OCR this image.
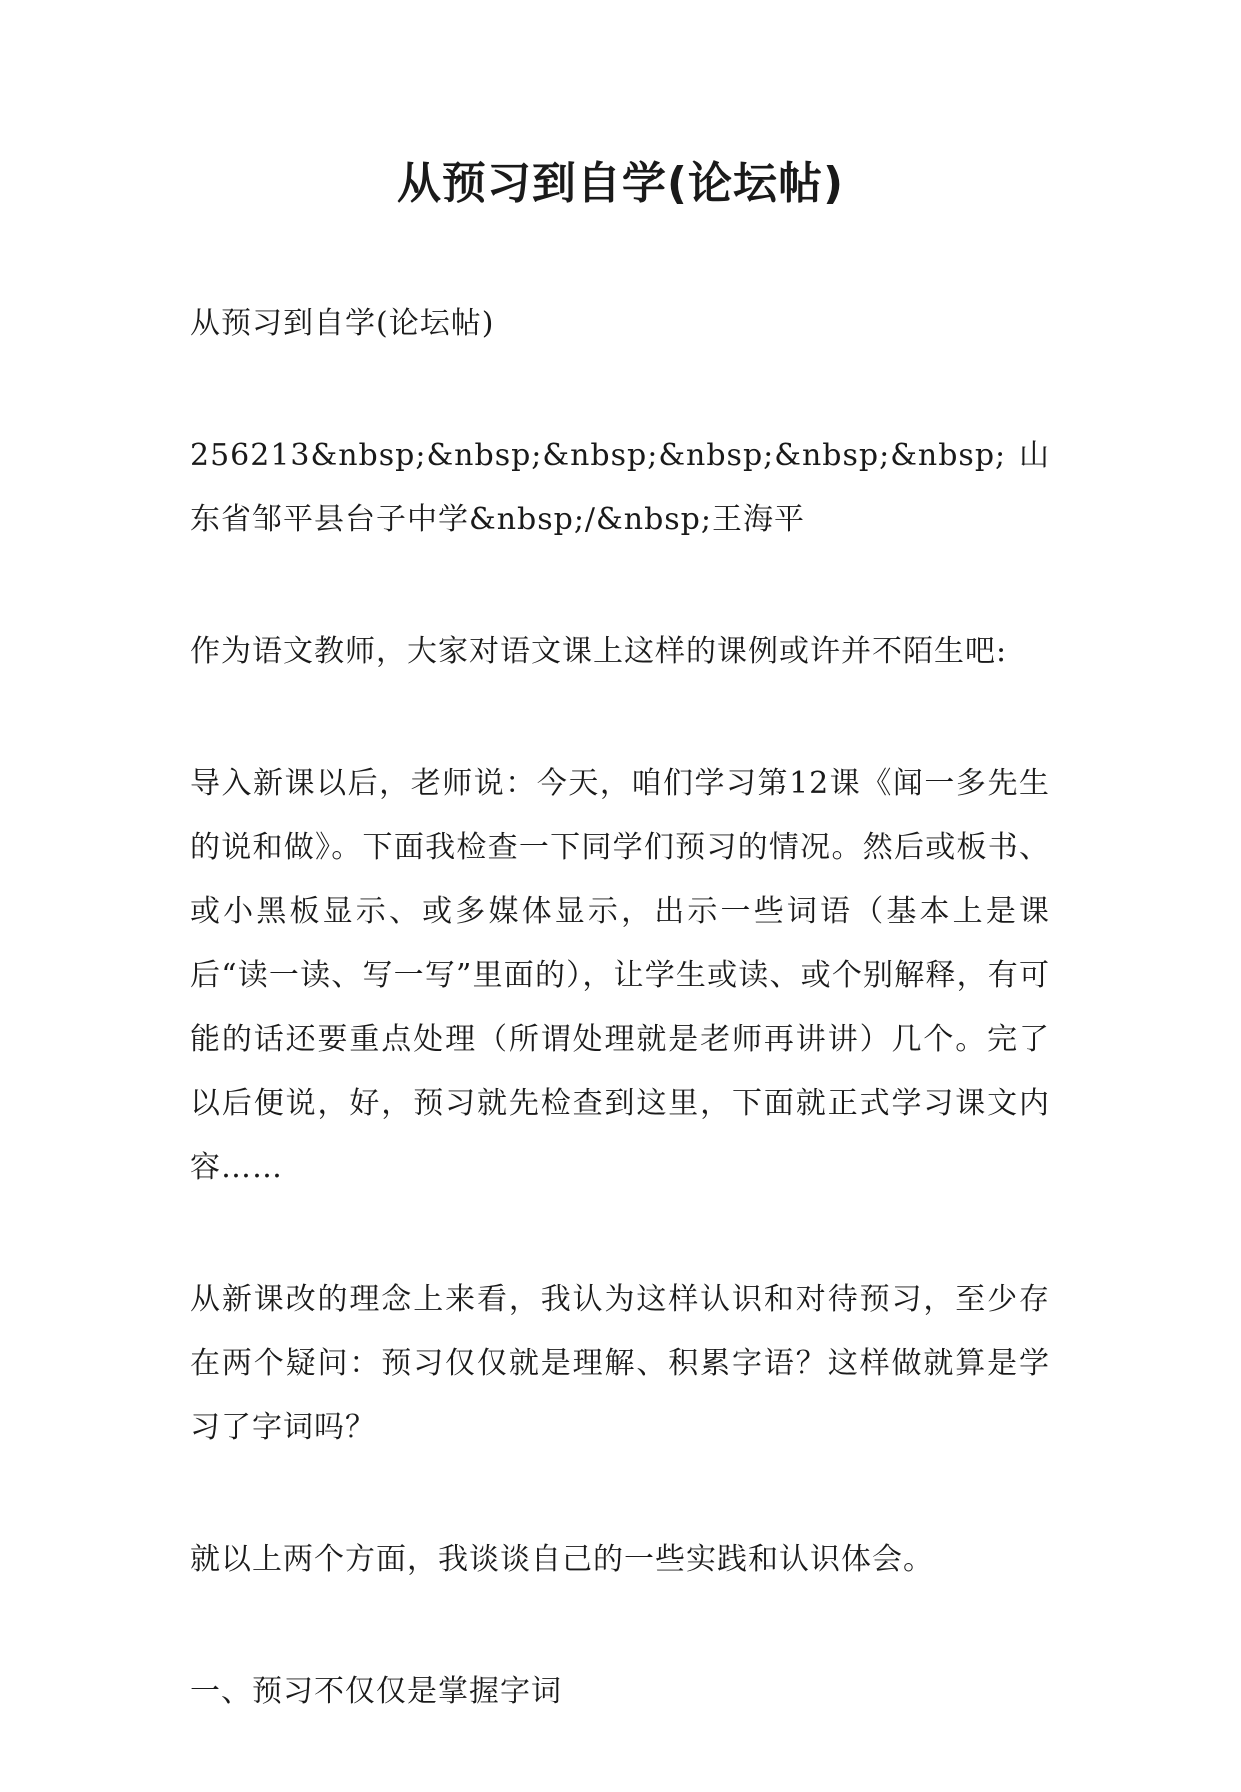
从预习到自学(论坛帖)

从预习到自学(论坛帖)

256213&nbsp;&nbsp;&nbsp;&nbsp;&nbsp;&nbsp;山东省邹平县台子中学&nbsp;/&nbsp;王海平

作为语文教师，大家对语文课上这样的课例或许并不陌生吧:

导入新课以后，老师说：今天，咱们学习第12课《闻一多先生的说和做》。下面我检查一下同学们预习的情况。然后或板书、或小黑板显示、或多媒体显示，出示一些词语（基本上是课后“读一读、写一写”里面的），让学生或读、或个别解释，有可能的话还要重点处理（所谓处理就是老师再讲讲）几个。完了以后便说，好，预习就先检查到这里，下面就正式学习课文内容……

从新课改的理念上来看，我认为这样认识和对待预习，至少存在两个疑问：预习仅仅就是理解、积累字语？这样做就算是学习了字词吗？

就以上两个方面，我谈谈自己的一些实践和认识体会。

一、预习不仅仅是掌握字词
